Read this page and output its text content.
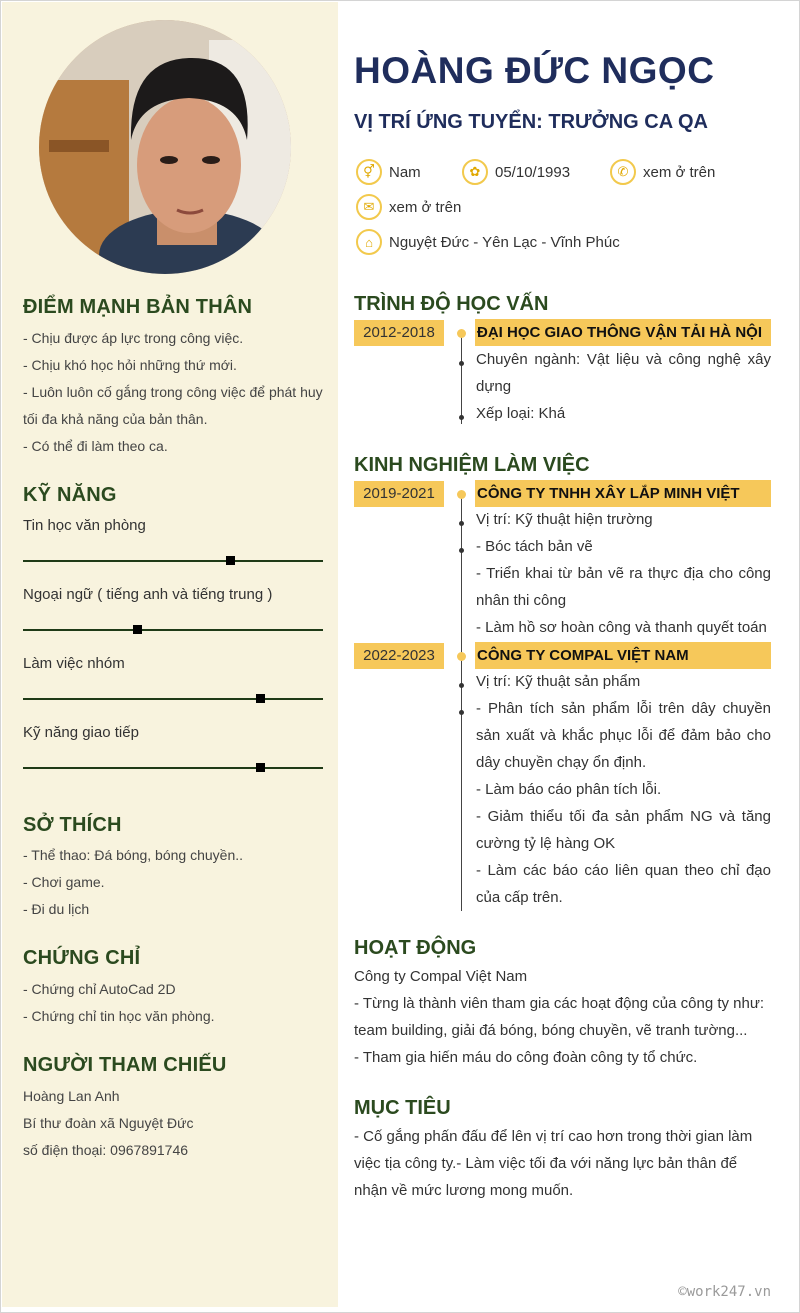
ĐIỂM MẠNH BẢN THÂN
- Chịu được áp lực trong công việc.
- Chịu khó học hỏi những thứ mới.
- Luôn luôn cố gắng trong công việc để phát huy tối đa khả năng của bản thân.
- Có thể đi làm theo ca.
KỸ NĂNG
Tin học văn phòng
Ngoại ngữ ( tiếng anh và tiếng trung )
Làm việc nhóm
Kỹ năng giao tiếp
SỞ THÍCH
- Thể thao: Đá bóng, bóng chuyền..
- Chơi game.
- Đi du lịch
CHỨNG CHỈ
- Chứng chỉ AutoCad 2D
- Chứng chỉ tin học văn phòng.
NGƯỜI THAM CHIẾU
Hoàng Lan Anh
Bí thư đoàn xã Nguyệt Đức
số điện thoại: 0967891746
HOÀNG ĐỨC NGỌC
VỊ TRÍ ỨNG TUYỂN: TRƯỞNG CA QA
⚥ Nam	✿ 05/10/1993	✆ xem ở trên
✉ xem ở trên
⌂	Nguyệt Đức - Yên Lạc - Vĩnh Phúc
TRÌNH ĐỘ HỌC VẤN
2012-2018	ĐẠI HỌC GIAO THÔNG VẬN TẢI HÀ NỘI
Chuyên ngành: Vật liệu và công nghệ xây dựng
Xếp loại: Khá
KINH NGHIỆM LÀM VIỆC
2019-2021	CÔNG TY TNHH XÂY LẮP MINH VIỆT
Vị trí: Kỹ thuật hiện trường
- Bóc tách bản vẽ
- Triển khai từ bản vẽ ra thực địa cho công nhân thi công
- Làm hồ sơ hoàn công và thanh quyết toán
2022-2023	CÔNG TY COMPAL VIỆT NAM
Vị trí: Kỹ thuật sản phẩm
- Phân tích sản phẩm lỗi trên dây chuyền sản xuất và khắc phục lỗi để đảm bảo cho dây chuyền chạy ổn định.
- Làm báo cáo phân tích lỗi.
- Giảm thiểu tối đa sản phẩm NG và tăng cường tỷ lệ hàng OK
- Làm các báo cáo liên quan theo chỉ đạo của cấp trên.
HOẠT ĐỘNG
Công ty Compal Việt Nam
- Từng là thành viên tham gia các hoạt động của công ty như: team building, giải đá bóng, bóng chuyền, vẽ tranh tường...
- Tham gia hiến máu do công đoàn công ty tổ chức.
MỤC TIÊU
- Cố gắng phấn đấu để lên vị trí cao hơn trong thời gian làm việc tịa công ty.- Làm việc tối đa với năng lực bản thân để nhận về mức lương mong muốn.
©work247.vn
